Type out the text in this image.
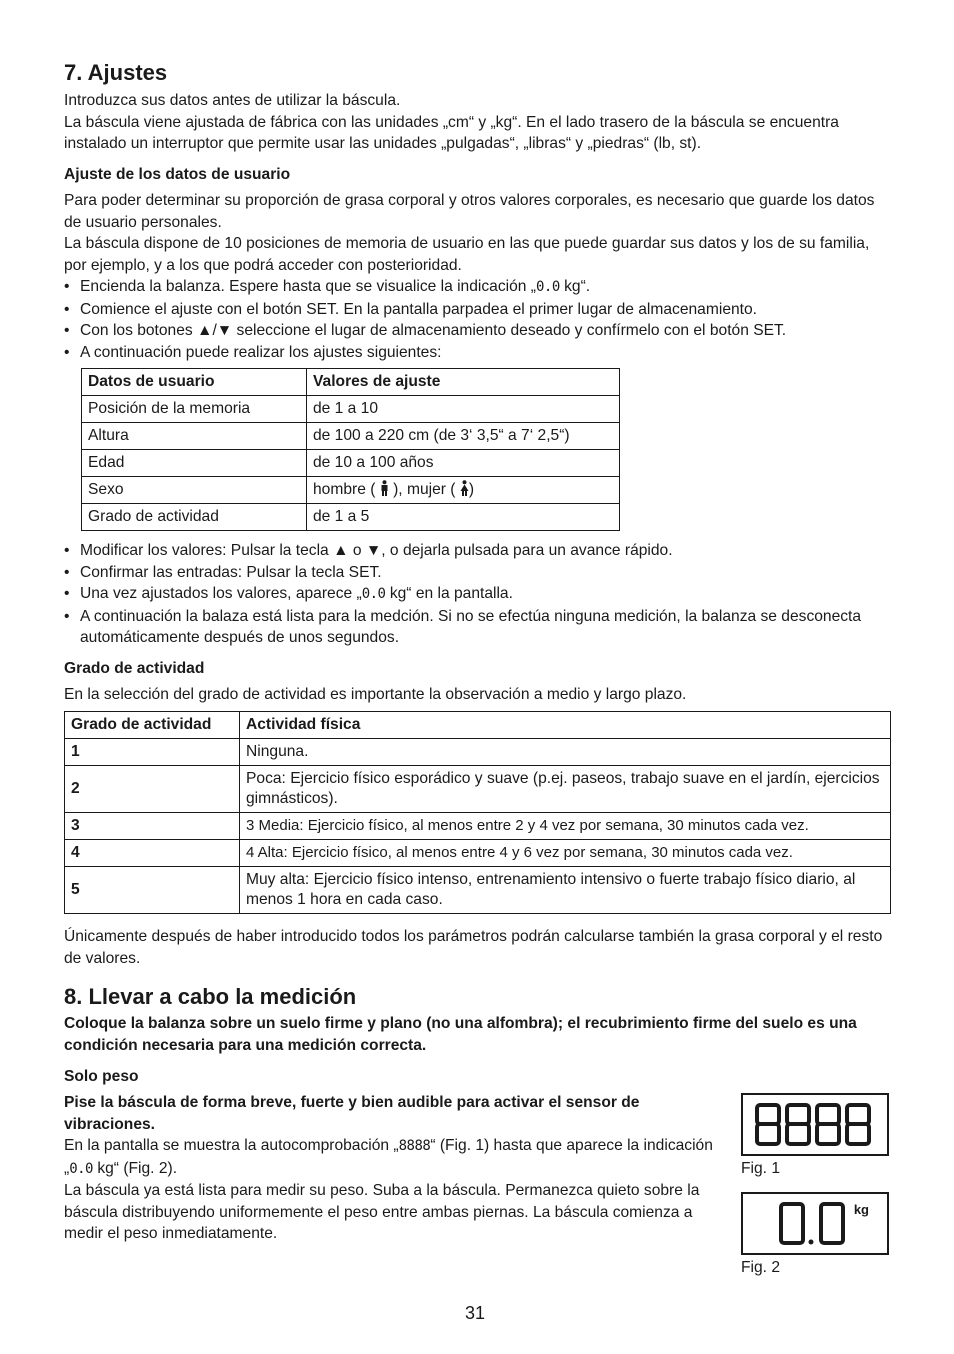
7. Ajustes

Introduzca sus datos antes de utilizar la báscula.

La báscula viene ajustada de fábrica con las unidades „cm“ y „kg“. En el lado trasero de la báscula se encuentra instalado un interruptor que permite usar las unidades „pulgadas“, „libras“ y „piedras“ (lb, st).

Ajuste de los datos de usuario

Para poder determinar su proporción de grasa corporal y otros valores corporales, es necesario que guarde los datos de usuario personales.

La báscula dispone de 10 posiciones de memoria de usuario en las que puede guardar sus datos y los de su familia, por ejemplo, y a los que podrá acceder con posterioridad.

• Encienda la balanza. Espere hasta que se visualice la indicación „0.0 kg“.
• Comience el ajuste con el botón SET. En la pantalla parpadea el primer lugar de almacenamiento.
• Con los botones ▲/▼ seleccione el lugar de almacenamiento deseado y confírmelo con el botón SET.
• A continuación puede realizar los ajustes siguientes:
Datos de usuario	Valores de ajuste
Posición de la memoria	de 1 a 10
Altura	de 100 a 220 cm (de 3‘ 3,5“ a 7‘ 2,5“)
Edad	de 10 a 100 años
Sexo	hombre ( ), mujer ( )
Grado de actividad	de 1 a 5
• Modificar los valores: Pulsar la tecla ▲ o ▼, o dejarla pulsada para un avance rápido.
• Confirmar las entradas: Pulsar la tecla SET.
• Una vez ajustados los valores, aparece „0.0 kg“ en la pantalla.
• A continuación la balaza está lista para la medción. Si no se efectúa ninguna medición, la balanza se desconecta automáticamente después de unos segundos.

Grado de actividad

En la selección del grado de actividad es importante la observación a medio y largo plazo.

Grado de actividad	Actividad física
1	Ninguna.
2	Poca: Ejercicio físico esporádico y suave (p.ej. paseos, trabajo suave en el jardín, ejercicios gimnásticos).
3	3 Media: Ejercicio físico, al menos entre 2 y 4 vez por semana, 30 minutos cada vez.
4	4 Alta: Ejercicio físico, al menos entre 4 y 6 vez por semana, 30 minutos cada vez.
5	Muy alta: Ejercicio físico intenso, entrenamiento intensivo o fuerte trabajo físico diario, al menos 1 hora en cada caso.

Únicamente después de haber introducido todos los parámetros podrán calcularse también la grasa corporal y el resto de valores.

8. Llevar a cabo la medición

Coloque la balanza sobre un suelo firme y plano (no una alfombra); el recubrimiento firme del suelo es una condición necesaria para una medición correcta.

Solo peso

Pise la báscula de forma breve, fuerte y bien audible para activar el sensor de vibraciones.

En la pantalla se muestra la autocomprobación „8888“ (Fig. 1) hasta que aparece la indicación „0.0 kg“ (Fig. 2).

La báscula ya está lista para medir su peso. Suba a la báscula. Permanezca quieto sobre la báscula distribuyendo uniformemente el peso entre ambas piernas. La báscula comienza a medir el peso inmediatamente.

Fig. 1
kg
Fig. 2
31
